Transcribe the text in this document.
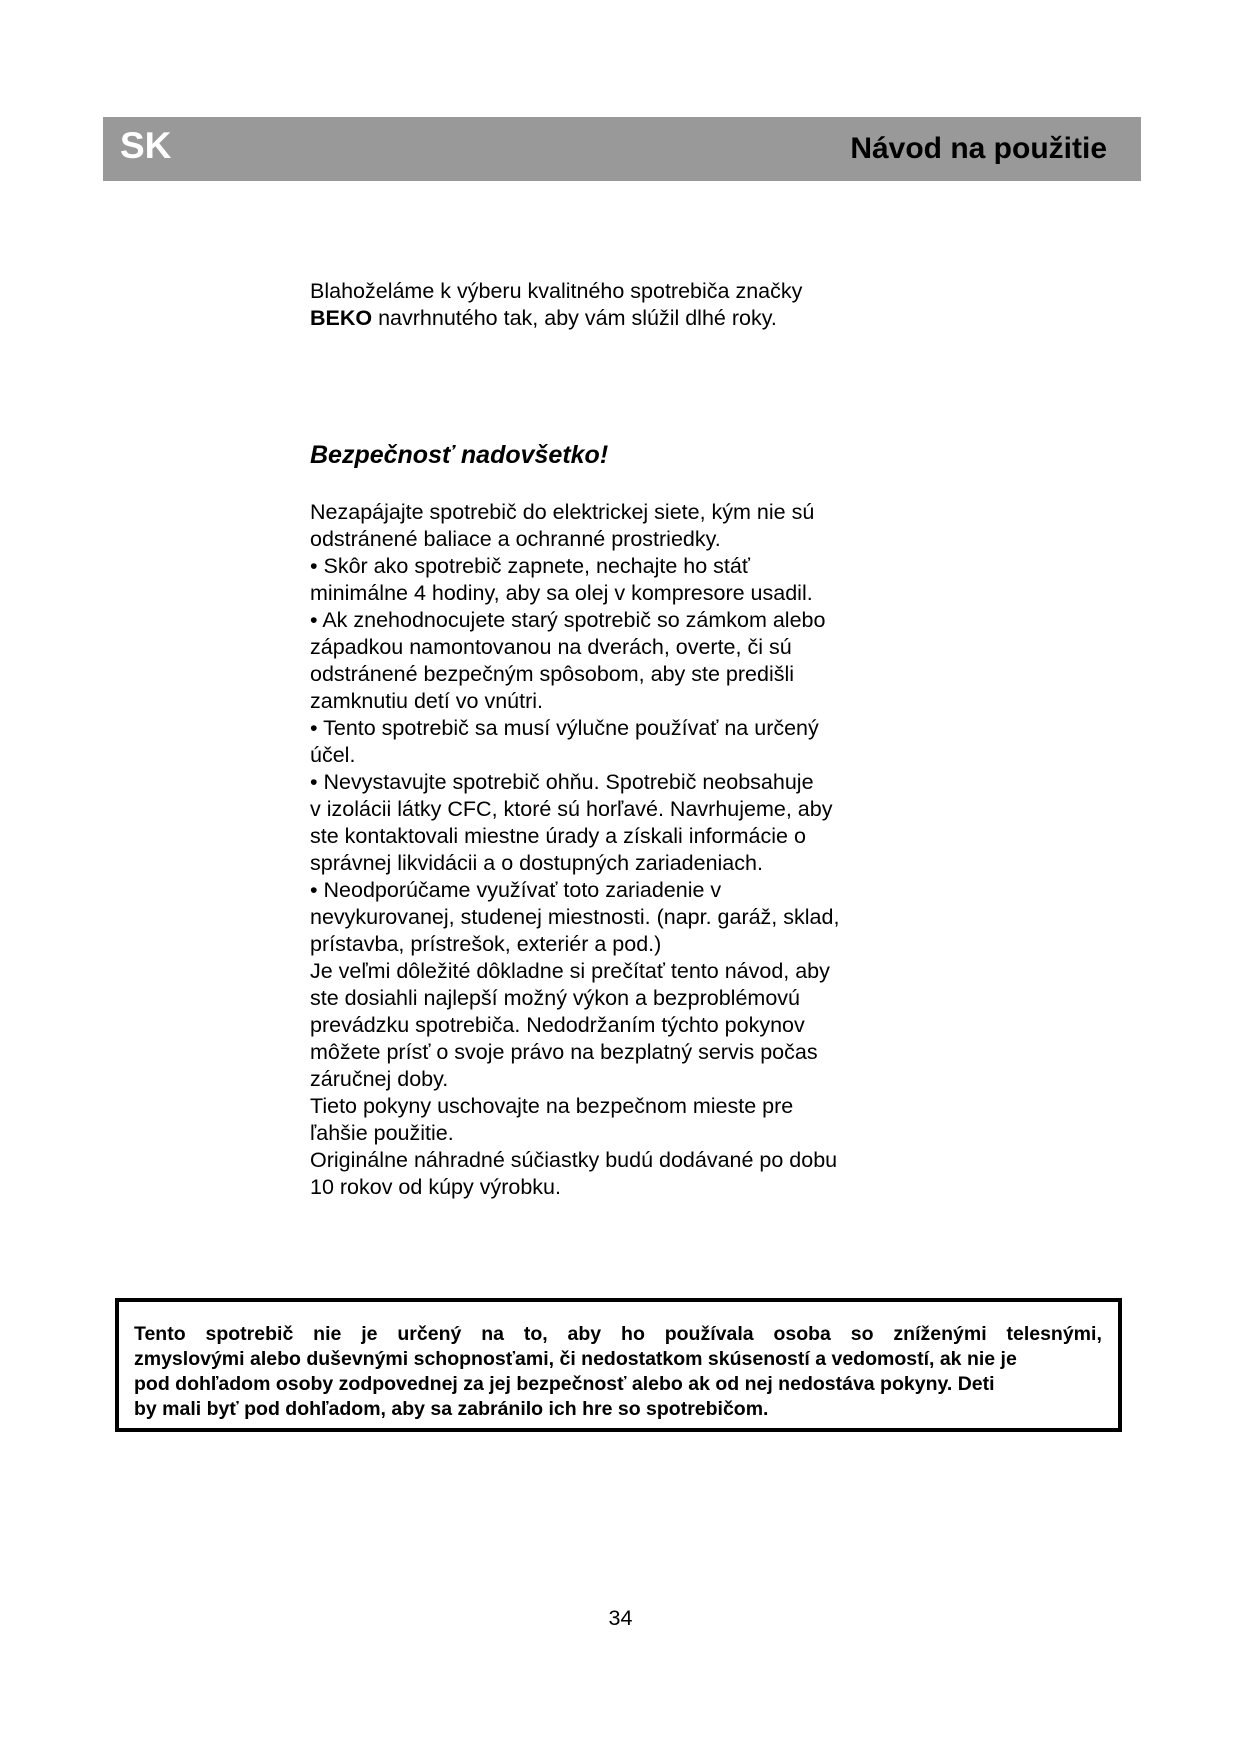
SK	Návod na použitie
Blahoželáme k výberu kvalitného spotrebiča značky
BEKO navrhnutého tak, aby vám slúžil dlhé roky.
Bezpečnosť nadovšetko!
Nezapájajte spotrebič do elektrickej siete, kým nie sú
odstránené baliace a ochranné prostriedky.
• Skôr ako spotrebič zapnete, nechajte ho stáť
minimálne 4 hodiny, aby sa olej v kompresore usadil.
• Ak znehodnocujete starý spotrebič so zámkom alebo
západkou namontovanou na dverách, overte, či sú
odstránené bezpečným spôsobom, aby ste predišli
zamknutiu detí vo vnútri.
• Tento spotrebič sa musí výlučne používať na určený
účel.
• Nevystavujte spotrebič ohňu. Spotrebič neobsahuje
v izolácii látky CFC, ktoré sú horľavé. Navrhujeme, aby
ste kontaktovali miestne úrady a získali informácie o
správnej likvidácii a o dostupných zariadeniach.
• Neodporúčame využívať toto zariadenie v
nevykurovanej, studenej miestnosti. (napr. garáž, sklad,
prístavba, prístrešok, exteriér a pod.)
Je veľmi dôležité dôkladne si prečítať tento návod, aby
ste dosiahli najlepší možný výkon a bezproblémovú
prevádzku spotrebiča. Nedodržaním týchto pokynov
môžete prísť o svoje právo na bezplatný servis počas
záručnej doby.
Tieto pokyny uschovajte na bezpečnom mieste pre
ľahšie použitie.
Originálne náhradné súčiastky budú dodávané po dobu
10 rokov od kúpy výrobku.
Tento spotrebič nie je určený na to, aby ho používala osoba so zníženými telesnými,
zmyslovými alebo duševnými schopnosťami, či nedostatkom skúseností a vedomostí, ak nie je
pod dohľadom osoby zodpovednej za jej bezpečnosť alebo ak od nej nedostáva pokyny. Deti
by mali byť pod dohľadom, aby sa zabránilo ich hre so spotrebičom.
34
